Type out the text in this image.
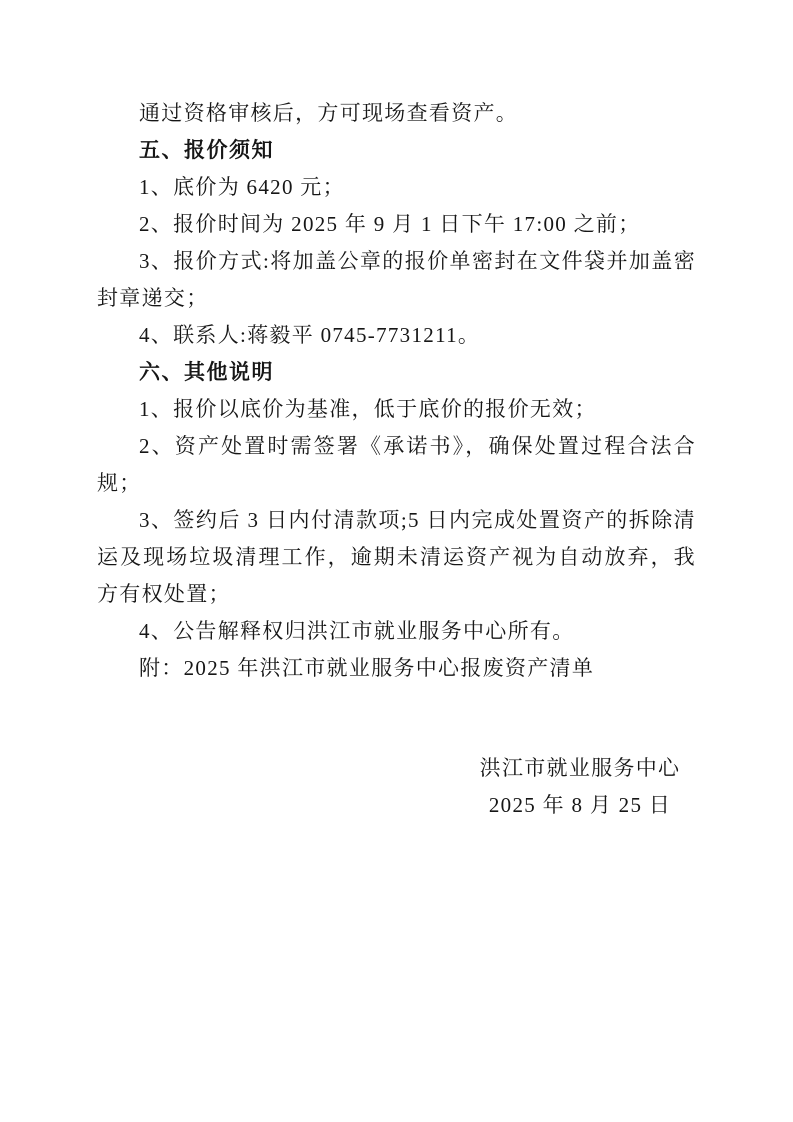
通过资格审核后，方可现场查看资产。

五、报价须知

1、底价为 6420 元；

2、报价时间为 2025 年 9 月 1 日下午 17:00 之前；

3、报价方式:将加盖公章的报价单密封在文件袋并加盖密封章递交；

4、联系人:蒋毅平 0745-7731211。

六、其他说明

1、报价以底价为基准，低于底价的报价无效；

2、资产处置时需签署《承诺书》，确保处置过程合法合规；

3、签约后 3 日内付清款项;5 日内完成处置资产的拆除清运及现场垃圾清理工作，逾期未清运资产视为自动放弃，我方有权处置；

4、公告解释权归洪江市就业服务中心所有。

附：2025 年洪江市就业服务中心报废资产清单

洪江市就业服务中心
2025 年 8 月 25 日
